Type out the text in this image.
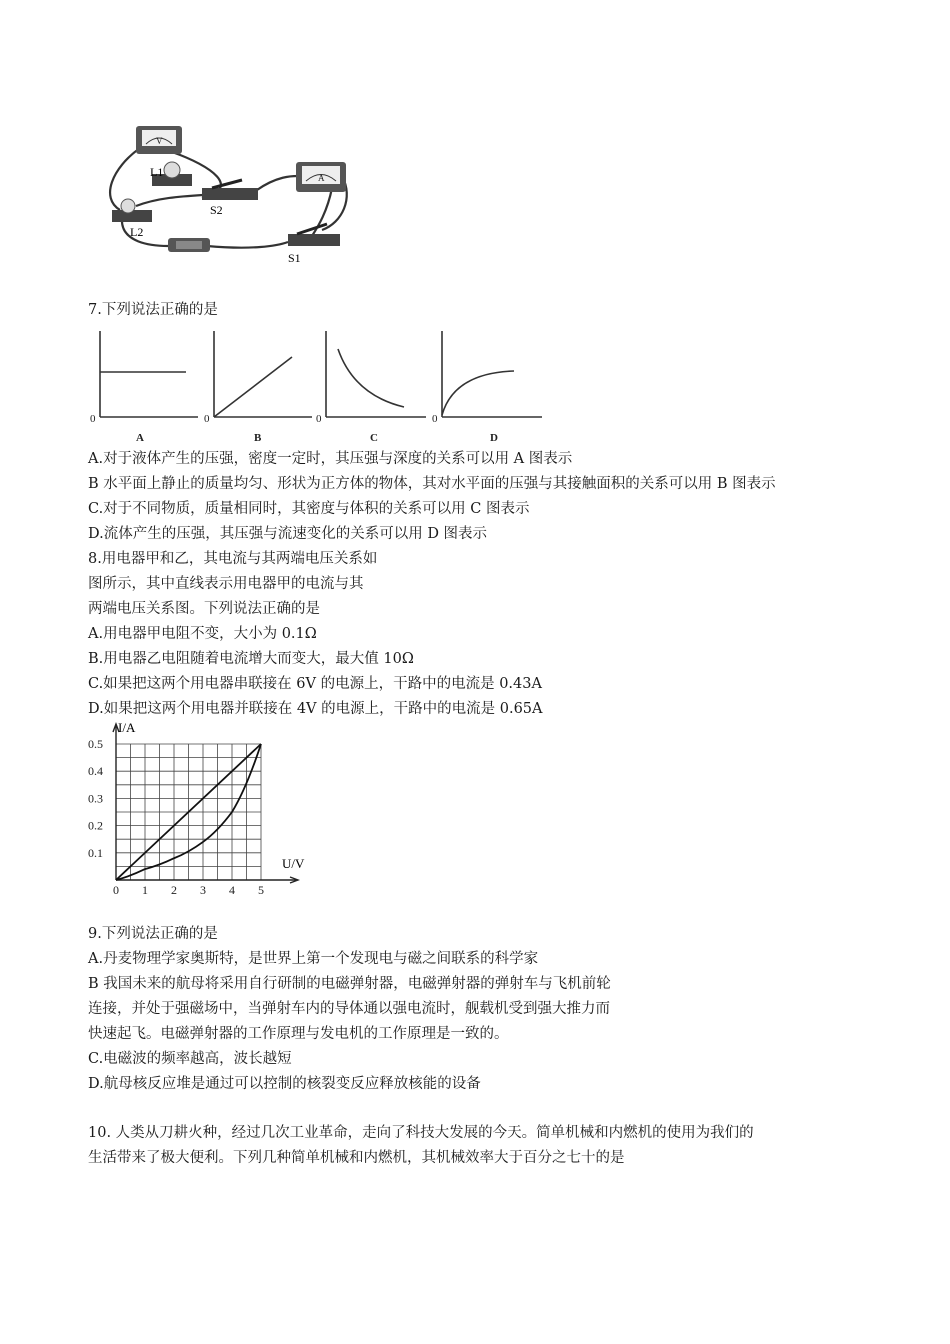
V
A
L1
S2
L2
S1
7.下列说法正确的是
0	0	0	0
A	B	C	D
A.对于液体产生的压强，密度一定时，其压强与深度的关系可以用 A 图表示
B 水平面上静止的质量均匀、形状为正方体的物体，其对水平面的压强与其接触面积的关系可以用 B 图表示
C.对于不同物质，质量相同时，其密度与体积的关系可以用 C 图表示
D.流体产生的压强，其压强与流速变化的关系可以用 D 图表示
8.用电器甲和乙，其电流与其两端电压关系如
图所示，其中直线表示用电器甲的电流与其
两端电压关系图。下列说法正确的是
A.用电器甲电阻不变，大小为 0.1Ω
B.用电器乙电阻随着电流增大而变大，最大值 10Ω
C.如果把这两个用电器串联接在 6V 的电源上，干路中的电流是 0.43A
D.如果把这两个用电器并联接在 4V 的电源上，干路中的电流是 0.65A
0 1 2 3 4 5
0.1
0.2
0.3
0.4
0.5
I/A
U/V
9.下列说法正确的是
A.丹麦物理学家奥斯特，是世界上第一个发现电与磁之间联系的科学家
B 我国未来的航母将采用自行研制的电磁弹射器，电磁弹射器的弹射车与飞机前轮
连接，并处于强磁场中，当弹射车内的导体通以强电流时，舰载机受到强大推力而
快速起飞。电磁弹射器的工作原理与发电机的工作原理是一致的。
C.电磁波的频率越高，波长越短
D.航母核反应堆是通过可以控制的核裂变反应释放核能的设备
10. 人类从刀耕火种，经过几次工业革命，走向了科技大发展的今天。简单机械和内燃机的使用为我们的
生活带来了极大便利。下列几种简单机械和内燃机，其机械效率大于百分之七十的是
